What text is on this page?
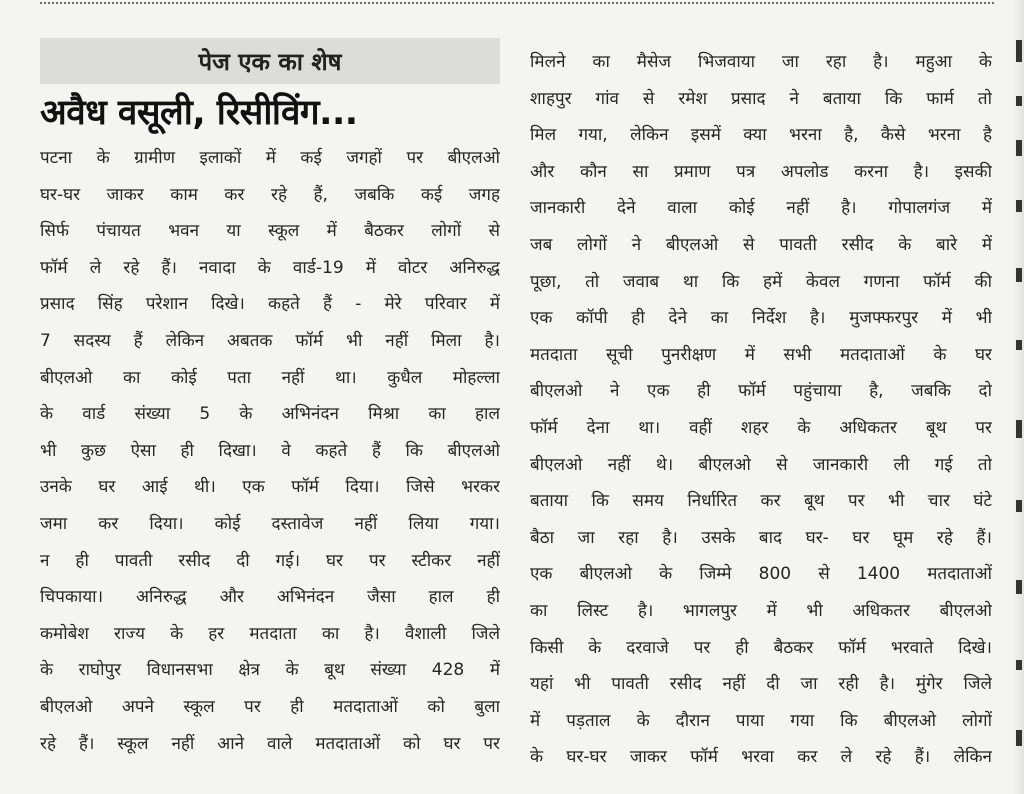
पेज एक का शेष
अवैध वसूली, रिसीविंग...
पटना के ग्रामीण इलाकों में कई जगहों पर बीएलओ
घर-घर जाकर काम कर रहे हैं, जबकि कई जगह
सिर्फ पंचायत भवन या स्कूल में बैठकर लोगों से
फॉर्म ले रहे हैं। नवादा के वार्ड-19 में वोटर अनिरुद्ध
प्रसाद सिंह परेशान दिखे। कहते हैं - मेरे परिवार में
7 सदस्य हैं लेकिन अबतक फॉर्म भी नहीं मिला है।
बीएलओ का कोई पता नहीं था। कुधैल मोहल्ला
के वार्ड संख्या 5 के अभिनंदन मिश्रा का हाल
भी कुछ ऐसा ही दिखा। वे कहते हैं कि बीएलओ
उनके घर आई थी। एक फॉर्म दिया। जिसे भरकर
जमा कर दिया। कोई दस्तावेज नहीं लिया गया।
न ही पावती रसीद दी गई। घर पर स्टीकर नहीं
चिपकाया। अनिरुद्ध और अभिनंदन जैसा हाल ही
कमोबेश राज्य के हर मतदाता का है। वैशाली जिले
के राघोपुर विधानसभा क्षेत्र के बूथ संख्या 428 में
बीएलओ अपने स्कूल पर ही मतदाताओं को बुला
रहे हैं। स्कूल नहीं आने वाले मतदाताओं को घर पर
मिलने का मैसेज भिजवाया जा रहा है। महुआ के
शाहपुर गांव से रमेश प्रसाद ने बताया कि फार्म तो
मिल गया, लेकिन इसमें क्या भरना है, कैसे भरना है
और कौन सा प्रमाण पत्र अपलोड करना है। इसकी
जानकारी देने वाला कोई नहीं है। गोपालगंज में
जब लोगों ने बीएलओ से पावती रसीद के बारे में
पूछा, तो जवाब था कि हमें केवल गणना फॉर्म की
एक कॉपी ही देने का निर्देश है। मुजफ्फरपुर में भी
मतदाता सूची पुनरीक्षण में सभी मतदाताओं के घर
बीएलओ ने एक ही फॉर्म पहुंचाया है, जबकि दो
फॉर्म देना था। वहीं शहर के अधिकतर बूथ पर
बीएलओ नहीं थे। बीएलओ से जानकारी ली गई तो
बताया कि समय निर्धारित कर बूथ पर भी चार घंटे
बैठा जा रहा है। उसके बाद घर- घर घूम रहे हैं।
एक बीएलओ के जिम्मे 800 से 1400 मतदाताओं
का लिस्ट है। भागलपुर में भी अधिकतर बीएलओ
किसी के दरवाजे पर ही बैठकर फॉर्म भरवाते दिखे।
यहां भी पावती रसीद नहीं दी जा रही है। मुंगेर जिले
में पड़ताल के दौरान पाया गया कि बीएलओ लोगों
के घर-घर जाकर फॉर्म भरवा कर ले रहे हैं। लेकिन
